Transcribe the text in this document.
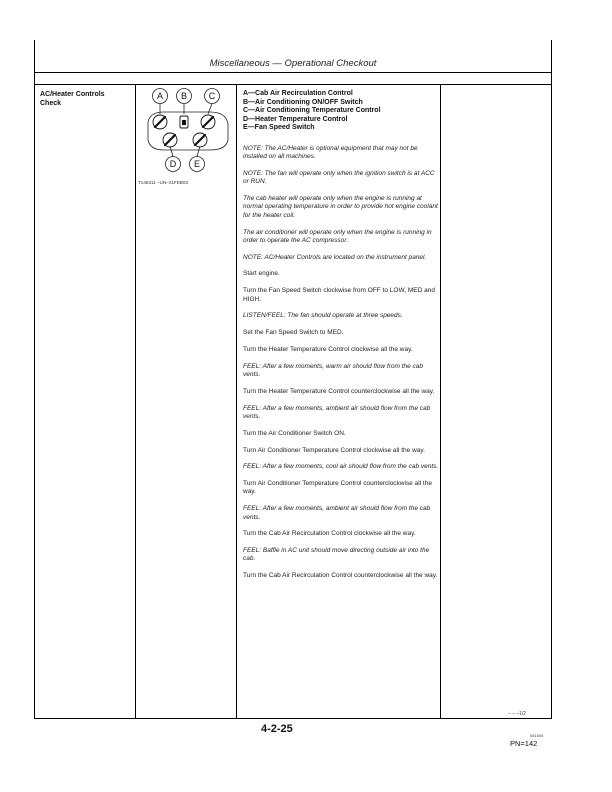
Miscellaneous — Operational Checkout
AC/Heater Controls
Check
A B C
D E
T146311 –UN–21FEB03
A—Cab Air Recirculation Control
B—Air Conditioning ON/OFF Switch
C—Air Conditioning Temperature Control
D—Heater Temperature Control
E—Fan Speed Switch

NOTE: The AC/Heater is optional equipment that may not be installed on all machines.

NOTE: The fan will operate only when the ignition switch is at ACC or RUN.

The cab heater will operate only when the engine is running at normal operating temperature in order to provide hot engine coolant for the heater coil.

The air conditioner will operate only when the engine is running in order to operate the AC compressor.

NOTE: AC/Heater Controls are located on the instrument panel.

Start engine.

Turn the Fan Speed Switch clockwise from OFF to LOW, MED and HIGH.

LISTEN/FEEL: The fan should operate at three speeds.

Set the Fan Speed Switch to MED.

Turn the Heater Temperature Control clockwise all the way.

FEEL: After a few moments, warm air should flow from the cab vents.

Turn the Heater Temperature Control counterclockwise all the way.

FEEL: After a few moments, ambient air should flow from the cab vents.

Turn the Air Conditioner Switch ON.

Turn Air Conditioner Temperature Control clockwise all the way.

FEEL: After a few moments, cool air should flow from the cab vents.

Turn Air Conditioner Temperature Control counterclockwise all the way.

FEEL: After a few moments, ambient air should flow from the cab vents.

Turn the Cab Air Recirculation Control clockwise all the way.

FEEL: Baffle in AC unit should move directing outside air into the cab.

Turn the Cab Air Recirculation Control counterclockwise all the way.

– – –1/2
4-2-25
081505
PN=142
